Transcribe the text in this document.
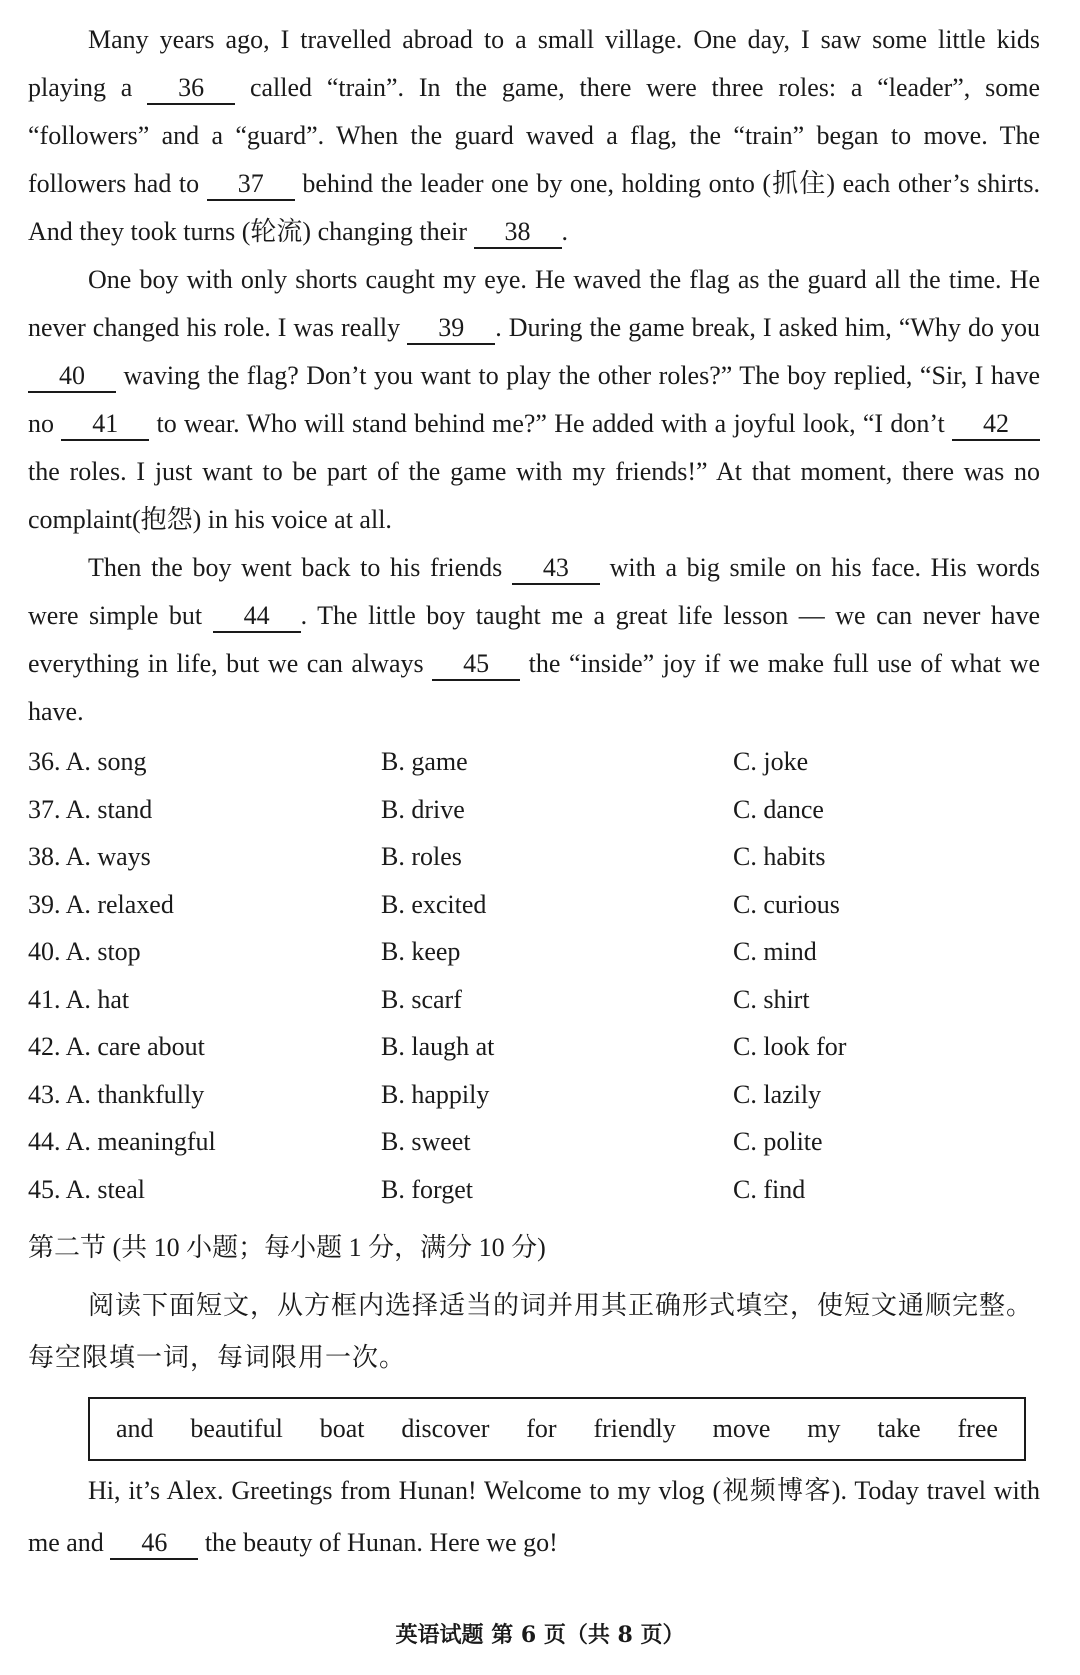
Many years ago, I travelled abroad to a small village. One day, I saw some little kids playing a 36 called “train”. In the game, there were three roles: a “leader”, some “followers” and a “guard”. When the guard waved a flag, the “train” began to move. The followers had to 37 behind the leader one by one, holding onto (抓住) each other’s shirts. And they took turns (轮流) changing their 38 .

One boy with only shorts caught my eye. He waved the flag as the guard all the time. He never changed his role. I was really 39 . During the game break, I asked him, “Why do you 40 waving the flag? Don’t you want to play the other roles?” The boy replied, “Sir, I have no 41 to wear. Who will stand behind me?” He added with a joyful look, “I don’t 42 the roles. I just want to be part of the game with my friends!” At that moment, there was no complaint(抱怨) in his voice at all.

Then the boy went back to his friends 43 with a big smile on his face. His words were simple but 44 . The little boy taught me a great life lesson — we can never have everything in life, but we can always 45 the “inside” joy if we make full use of what we have.

36. A. song	B. game	C. joke
37. A. stand	B. drive	C. dance
38. A. ways	B. roles	C. habits
39. A. relaxed	B. excited	C. curious
40. A. stop	B. keep	C. mind
41. A. hat	B. scarf	C. shirt
42. A. care about	B. laugh at	C. look for
43. A. thankfully	B. happily	C. lazily
44. A. meaningful	B. sweet	C. polite
45. A. steal	B. forget	C. find
第二节 (共 10 小题；每小题 1 分，满分 10 分)

阅读下面短文，从方框内选择适当的词并用其正确形式填空，使短文通顺完整。每空限填一词，每词限用一次。

and beautiful boat discover for friendly move my take free

Hi, it’s Alex. Greetings from Hunan! Welcome to my vlog (视频博客). Today travel with me and 46 the beauty of Hunan. Here we go!

英语试题 第 6 页（共 8 页）
